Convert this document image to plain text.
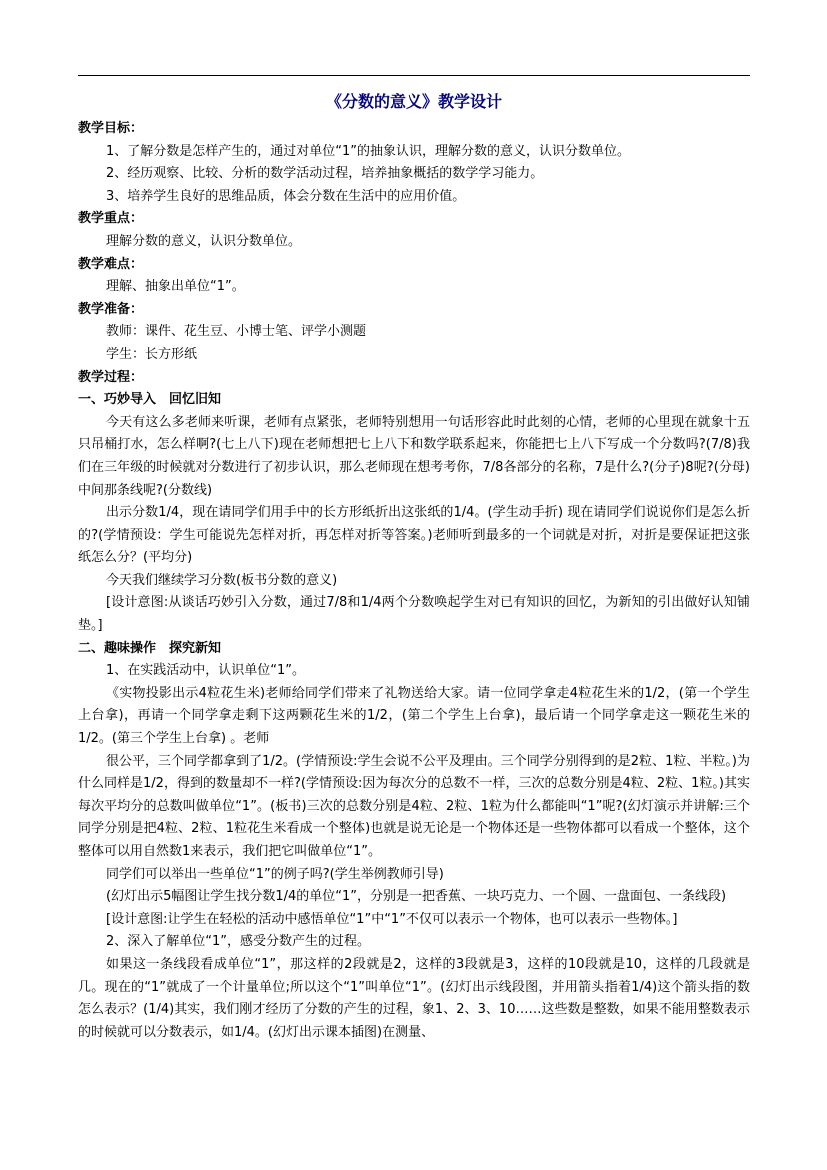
《分数的意义》教学设计

教学目标：

1、了解分数是怎样产生的，通过对单位“1”的抽象认识，理解分数的意义，认识分数单位。

2、经历观察、比较、分析的数学活动过程，培养抽象概括的数学学习能力。

3、培养学生良好的思维品质，体会分数在生活中的应用价值。

教学重点：

理解分数的意义，认识分数单位。

教学难点：

理解、抽象出单位“1”。

教学准备：

教师：课件、花生豆、小博士笔、评学小测题

学生：长方形纸

教学过程：

一、巧妙导入　回忆旧知

今天有这么多老师来听课，老师有点紧张，老师特别想用一句话形容此时此刻的心情，老师的心里现在就象十五只吊桶打水，怎么样啊?(七上八下)现在老师想把七上八下和数学联系起来，你能把七上八下写成一个分数吗?(7/8)我们在三年级的时候就对分数进行了初步认识，那么老师现在想考考你，7/8各部分的名称，7是什么?(分子)8呢?(分母)中间那条线呢?(分数线)

出示分数1/4，现在请同学们用手中的长方形纸折出这张纸的1/4。(学生动手折) 现在请同学们说说你们是怎么折的?(学情预设：学生可能说先怎样对折，再怎样对折等答案。)老师听到最多的一个词就是对折，对折是要保证把这张纸怎么分？(平均分)

今天我们继续学习分数(板书分数的意义)

[设计意图:从谈话巧妙引入分数，通过7/8和1/4两个分数唤起学生对已有知识的回忆，为新知的引出做好认知铺垫。]

二、趣味操作　探究新知

1、在实践活动中，认识单位“1”。

《实物投影出示4粒花生米)老师给同学们带来了礼物送给大家。请一位同学拿走4粒花生米的1/2，(第一个学生上台拿)，再请一个同学拿走剩下这两颗花生米的1/2，(第二个学生上台拿)，最后请一个同学拿走这一颗花生米的1/2。(第三个学生上台拿) 。老师

很公平，三个同学都拿到了1/2。(学情预设:学生会说不公平及理由。三个同学分别得到的是2粒、1粒、半粒。)为什么同样是1/2，得到的数量却不一样?(学情预设:因为每次分的总数不一样，三次的总数分别是4粒、2粒、1粒。)其实每次平均分的总数叫做单位“1”。(板书)三次的总数分别是4粒、2粒、1粒为什么都能叫“1”呢?(幻灯演示并讲解:三个同学分别是把4粒、2粒、1粒花生米看成一个整体)也就是说无论是一个物体还是一些物体都可以看成一个整体，这个整体可以用自然数1来表示，我们把它叫做单位“1”。

同学们可以举出一些单位“1”的例子吗?(学生举例教师引导)

(幻灯出示5幅图让学生找分数1/4的单位“1”，分别是一把香蕉、一块巧克力、一个圆、一盘面包、一条线段)

[设计意图:让学生在轻松的活动中感悟单位“1”中“1”不仅可以表示一个物体，也可以表示一些物体。]

2、深入了解单位“1”，感受分数产生的过程。

如果这一条线段看成单位“1”，那这样的2段就是2，这样的3段就是3，这样的10段就是10，这样的几段就是几。现在的“1”就成了一个计量单位;所以这个“1”叫单位“1”。(幻灯出示线段图，并用箭头指着1/4)这个箭头指的数怎么表示？(1/4)其实，我们刚才经历了分数的产生的过程，象1、2、3、10……这些数是整数，如果不能用整数表示的时候就可以分数表示，如1/4。(幻灯出示课本插图)在测量、
